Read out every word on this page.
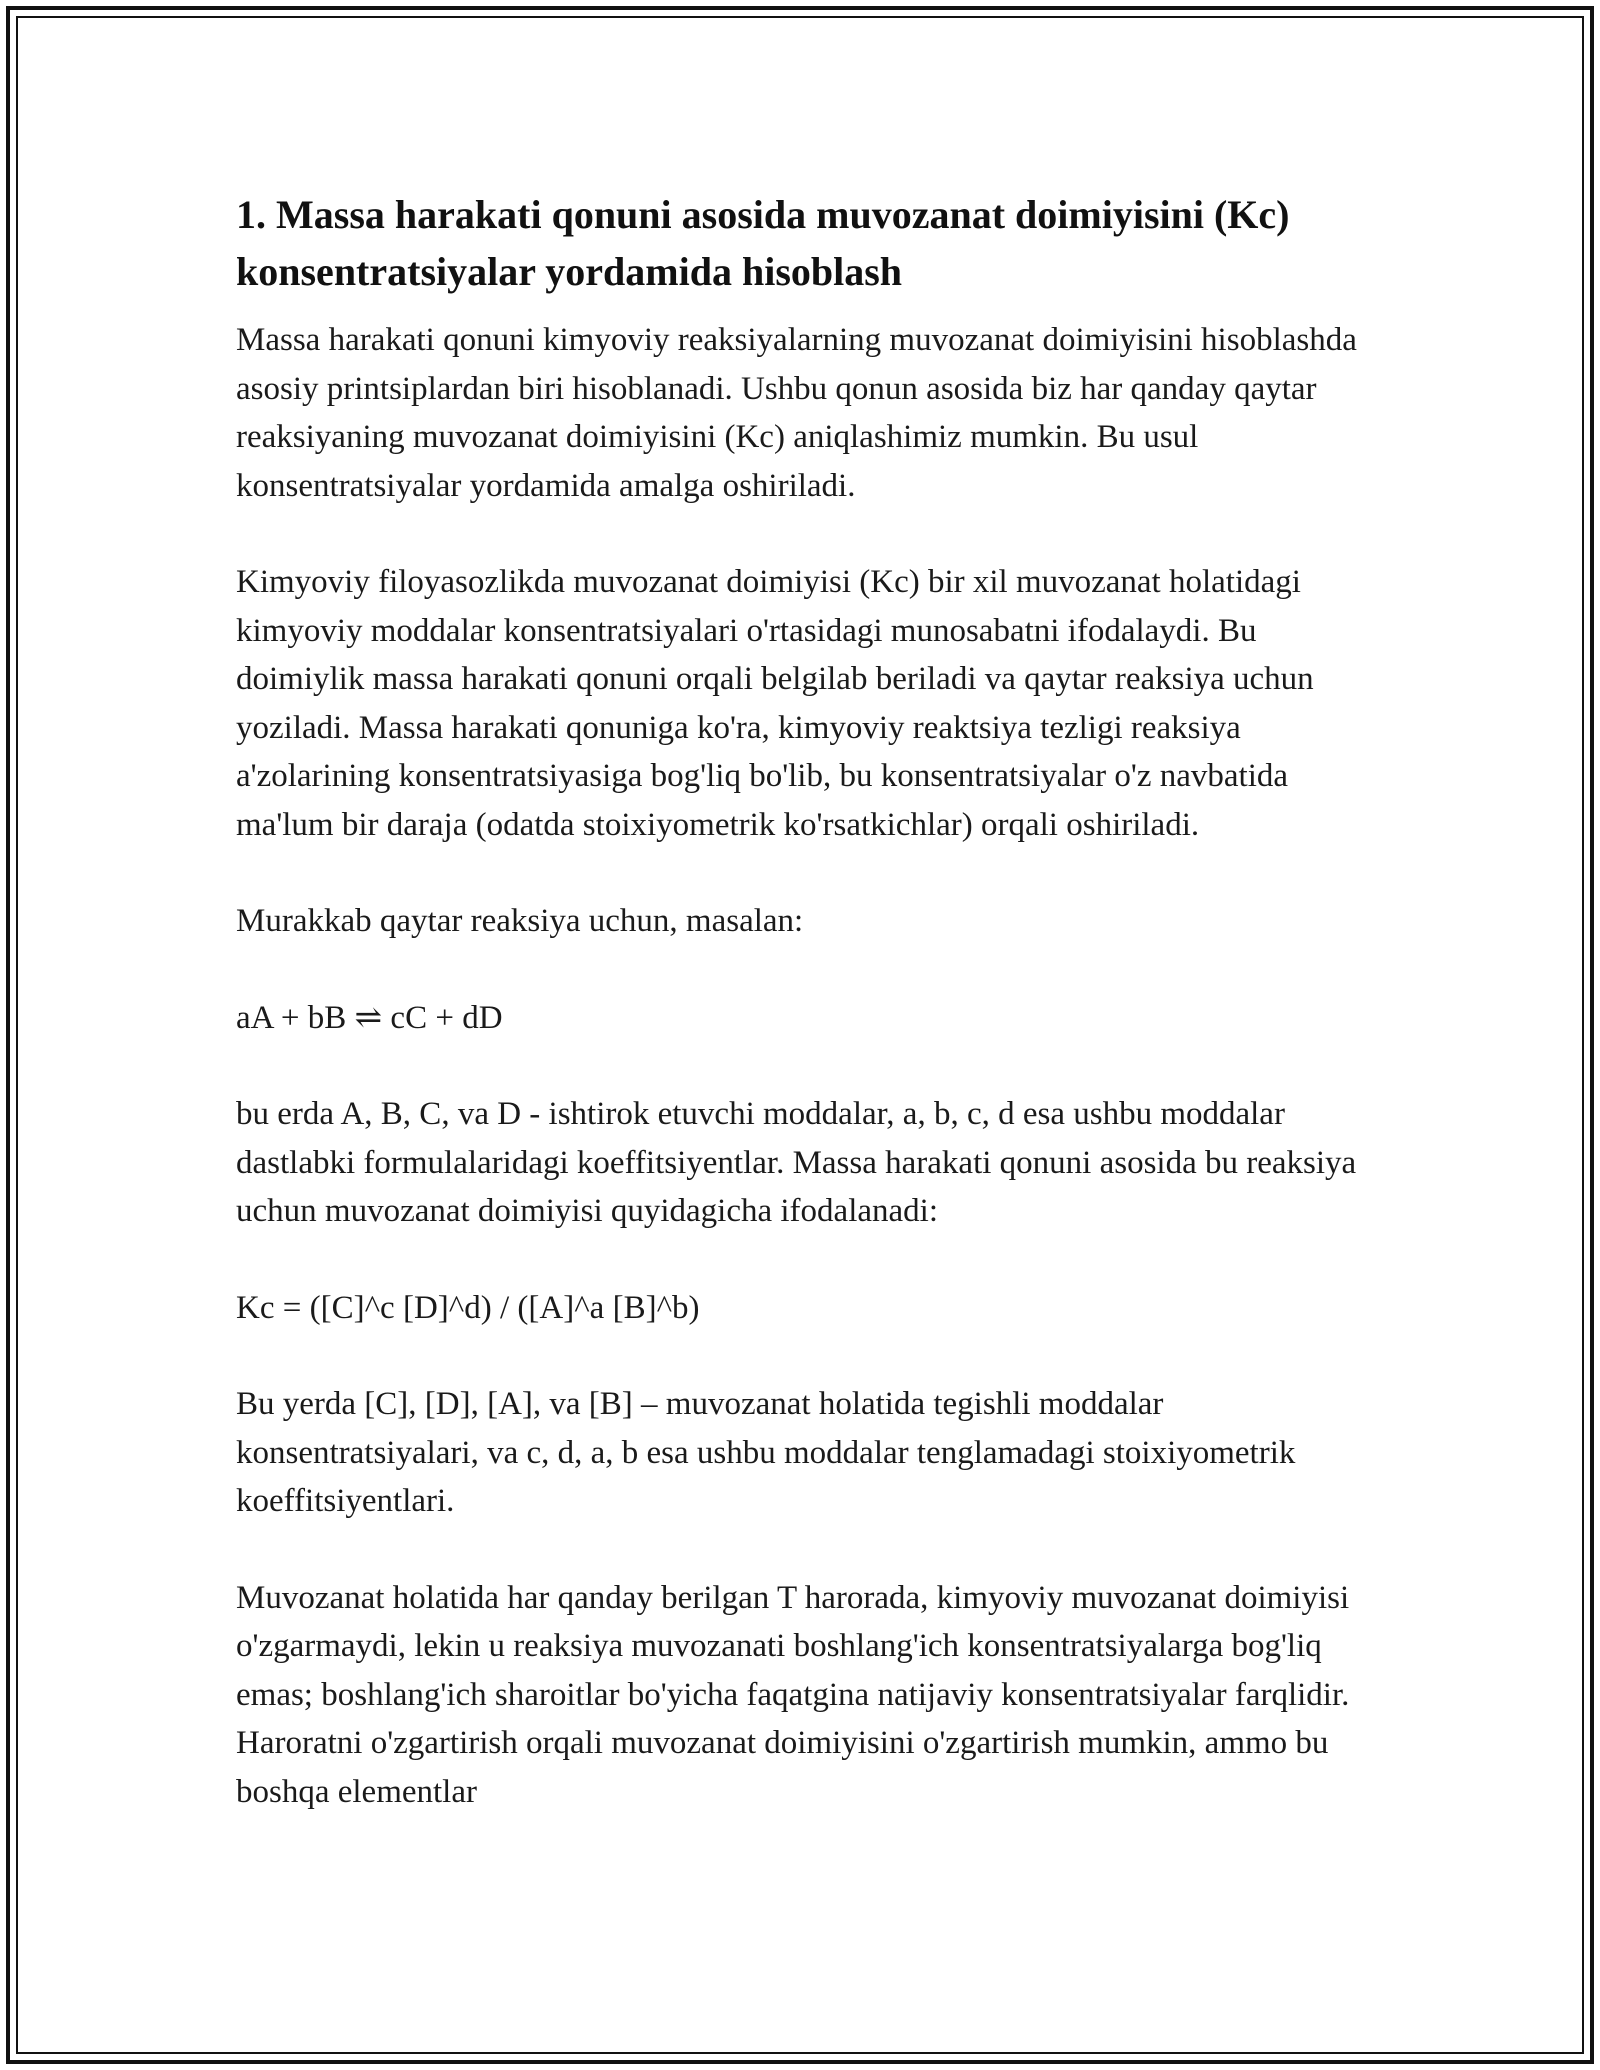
1. Massa harakati qonuni asosida muvozanat doimiyisini (Kc) konsentratsiyalar yordamida hisoblash

Massa harakati qonuni kimyoviy reaksiyalarning muvozanat doimiyisini hisoblashda asosiy printsiplardan biri hisoblanadi. Ushbu qonun asosida biz har qanday qaytar reaksiyaning muvozanat doimiyisini (Kc) aniqlashimiz mumkin. Bu usul konsentratsiyalar yordamida amalga oshiriladi.

Kimyoviy filoyasozlikda muvozanat doimiyisi (Kc) bir xil muvozanat holatidagi kimyoviy moddalar konsentratsiyalari o'rtasidagi munosabatni ifodalaydi. Bu doimiylik massa harakati qonuni orqali belgilab beriladi va qaytar reaksiya uchun yoziladi. Massa harakati qonuniga ko'ra, kimyoviy reaktsiya tezligi reaksiya a'zolarining konsentratsiyasiga bog'liq bo'lib, bu konsentratsiyalar o'z navbatida ma'lum bir daraja (odatda stoixiyometrik ko'rsatkichlar) orqali oshiriladi.

Murakkab qaytar reaksiya uchun, masalan:

aA + bB ⇌ cC + dD

bu erda A, B, C, va D - ishtirok etuvchi moddalar, a, b, c, d esa ushbu moddalar dastlabki formulalaridagi koeffitsiyentlar. Massa harakati qonuni asosida bu reaksiya uchun muvozanat doimiyisi quyidagicha ifodalanadi:

Kc = ([C]^c [D]^d) / ([A]^a [B]^b)

Bu yerda [C], [D], [A], va [B] – muvozanat holatida tegishli moddalar konsentratsiyalari, va c, d, a, b esa ushbu moddalar tenglamadagi stoixiyometrik koeffitsiyentlari.

Muvozanat holatida har qanday berilgan T harorada, kimyoviy muvozanat doimiyisi o'zgarmaydi, lekin u reaksiya muvozanati boshlang'ich konsentratsiyalarga bog'liq emas; boshlang'ich sharoitlar bo'yicha faqatgina natijaviy konsentratsiyalar farqlidir. Haroratni o'zgartirish orqali muvozanat doimiyisini o'zgartirish mumkin, ammo bu boshqa elementlar
